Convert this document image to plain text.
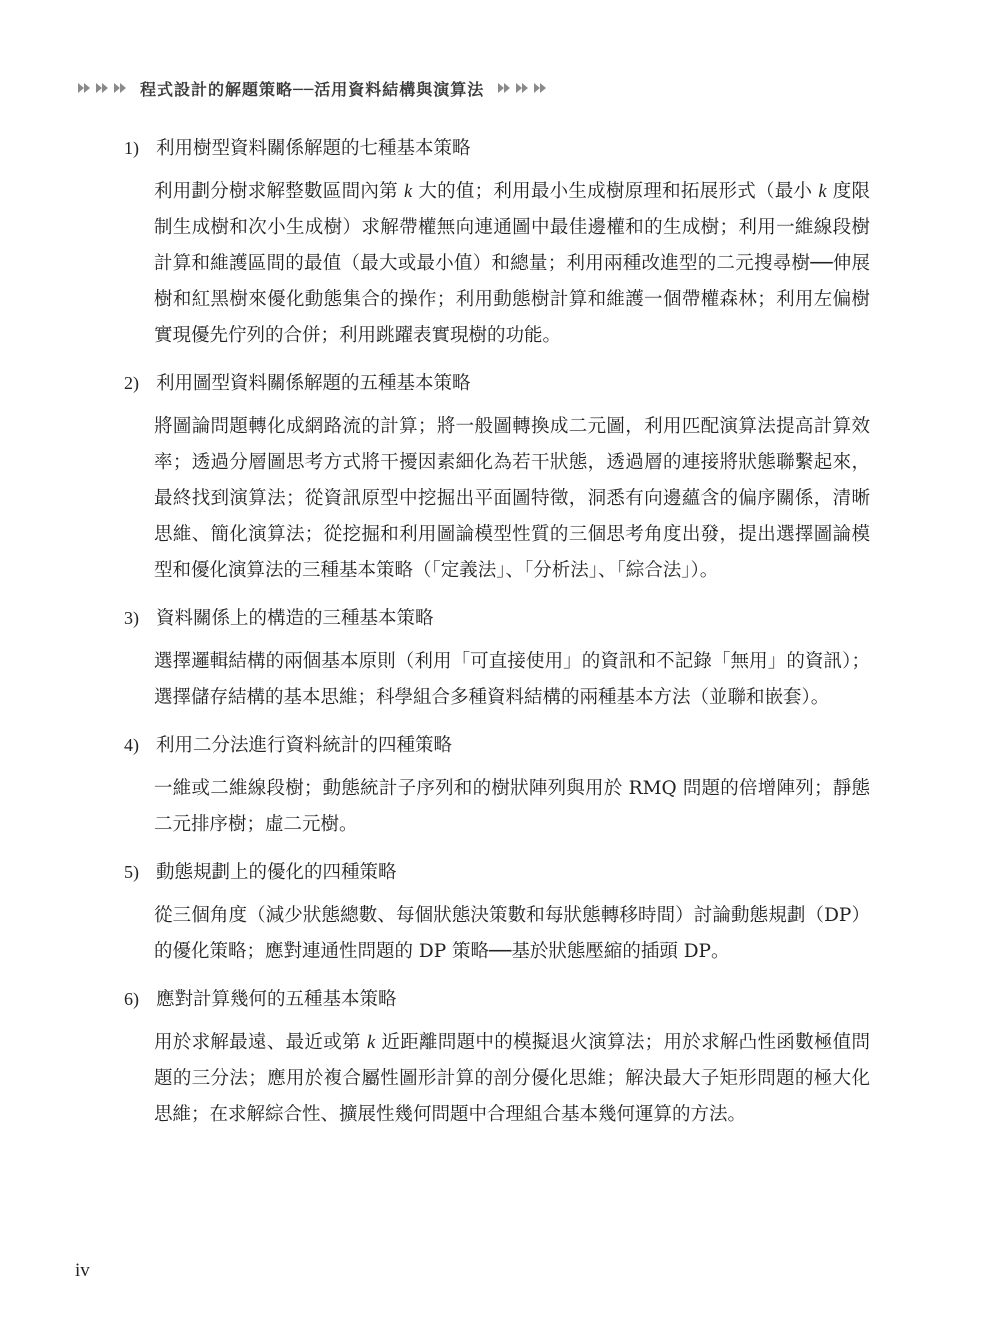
程式設計的解題策略──活用資料結構與演算法
1) 利用樹型資料關係解題的七種基本策略

利用劃分樹求解整數區間內第 k 大的值；利用最小生成樹原理和拓展形式（最小 k 度限制生成樹和次小生成樹）求解帶權無向連通圖中最佳邊權和的生成樹；利用一維線段樹計算和維護區間的最值（最大或最小值）和總量；利用兩種改進型的二元搜尋樹──伸展樹和紅黑樹來優化動態集合的操作；利用動態樹計算和維護一個帶權森林；利用左偏樹實現優先佇列的合併；利用跳躍表實現樹的功能。

2) 利用圖型資料關係解題的五種基本策略

將圖論問題轉化成網路流的計算；將一般圖轉換成二元圖，利用匹配演算法提高計算效率；透過分層圖思考方式將干擾因素細化為若干狀態，透過層的連接將狀態聯繫起來，最終找到演算法；從資訊原型中挖掘出平面圖特徵，洞悉有向邊蘊含的偏序關係，清晰思維、簡化演算法；從挖掘和利用圖論模型性質的三個思考角度出發，提出選擇圖論模型和優化演算法的三種基本策略（「定義法」、「分析法」、「綜合法」）。

3) 資料關係上的構造的三種基本策略

選擇邏輯結構的兩個基本原則（利用「可直接使用」的資訊和不記錄「無用」的資訊）；選擇儲存結構的基本思維；科學組合多種資料結構的兩種基本方法（並聯和嵌套）。

4) 利用二分法進行資料統計的四種策略

一維或二維線段樹；動態統計子序列和的樹狀陣列與用於 RMQ 問題的倍增陣列；靜態二元排序樹；虛二元樹。

5) 動態規劃上的優化的四種策略

從三個角度（減少狀態總數、每個狀態決策數和每狀態轉移時間）討論動態規劃（DP）的優化策略；應對連通性問題的 DP 策略──基於狀態壓縮的插頭 DP。

6) 應對計算幾何的五種基本策略

用於求解最遠、最近或第 k 近距離問題中的模擬退火演算法；用於求解凸性函數極值問題的三分法；應用於複合屬性圖形計算的剖分優化思維；解決最大子矩形問題的極大化思維；在求解綜合性、擴展性幾何問題中合理組合基本幾何運算的方法。

iv
